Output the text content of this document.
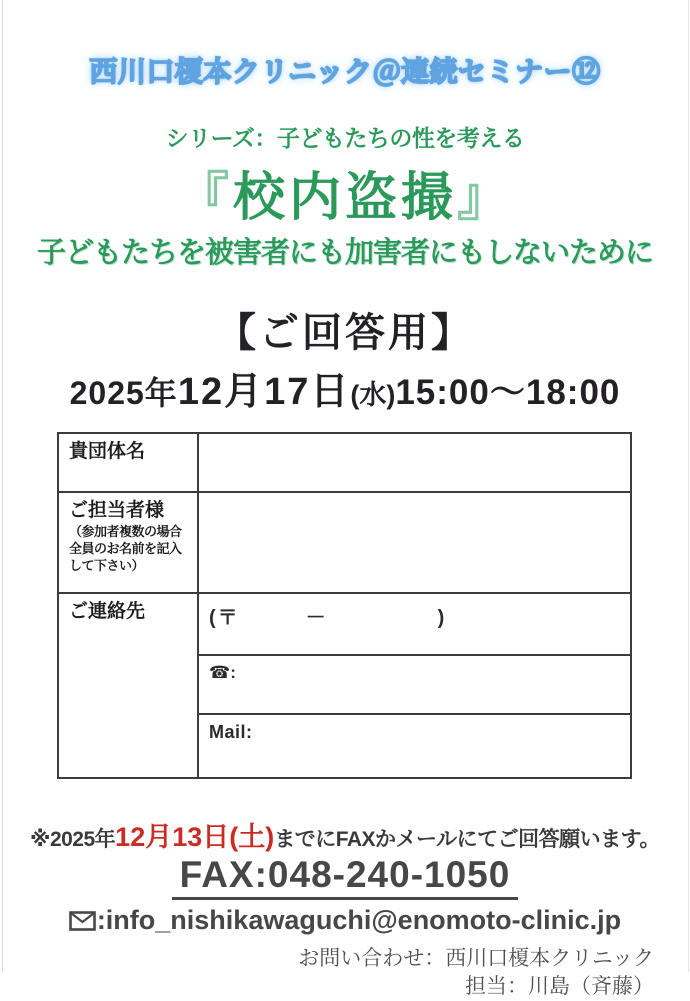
西川口榎本クリニック＠連続セミナー⑫
シリーズ：子どもたちの性を考える
『校内盗撮』
子どもたちを被害者にも加害者にもしないために
【ご回答用】
2025年12月17日(水)15:00～18:00
貴団体名	
ご担当者様
（参加者複数の場合全員のお名前を記入して下さい）	

ご連絡先	(〒　　　－　　　　　)
	☎:
	Mail:
※2025年12月13日(土)までにFAXかメールにてご回答願います。
FAX:048-240-1050
:info_nishikawaguchi@enomoto-clinic.jp
お問い合わせ：西川口榎本クリニック
担当：川島（斉藤）
